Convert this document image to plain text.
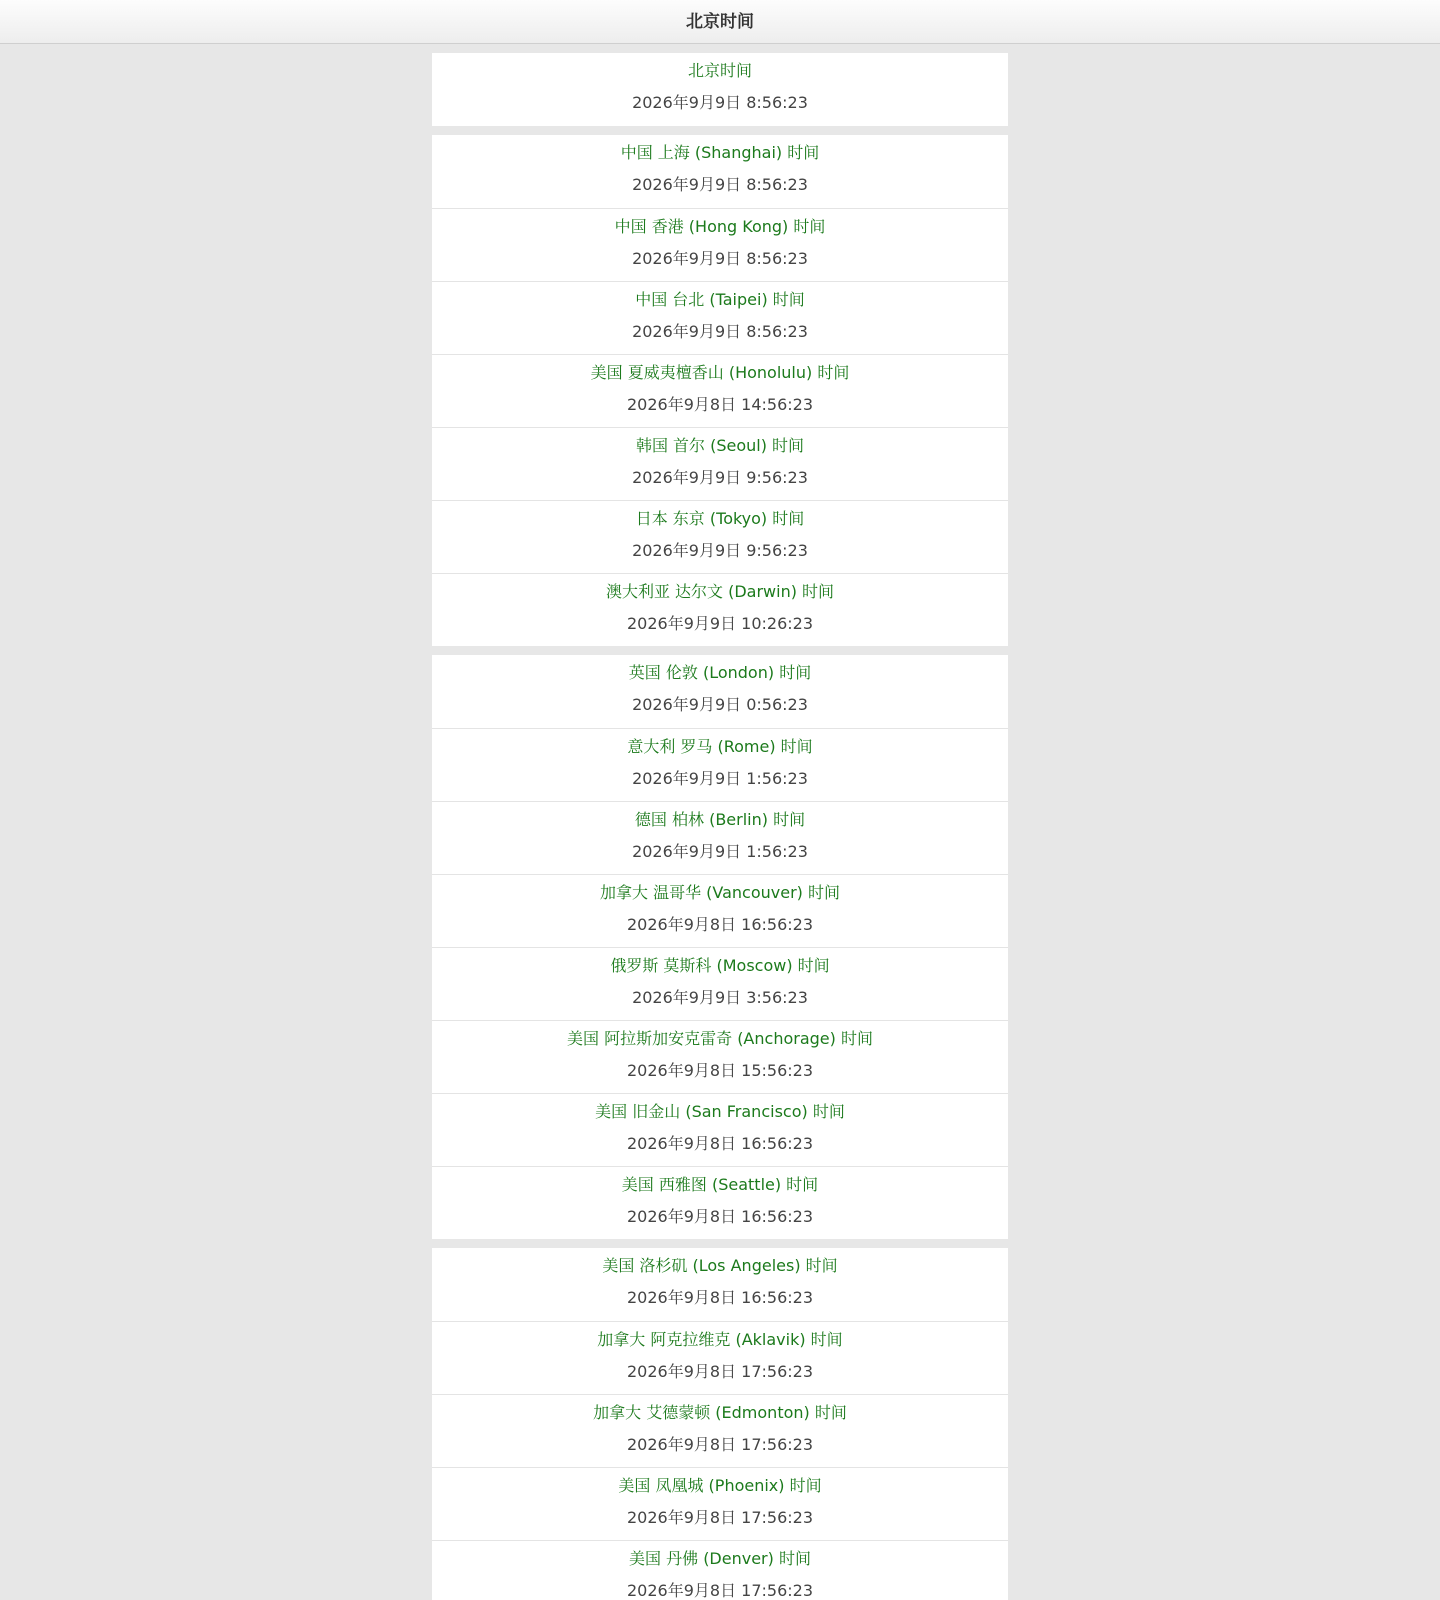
北京时间
北京时间
2026年9月9日 8:56:23
中国 上海 (Shanghai) 时间
2026年9月9日 8:56:23
中国 香港 (Hong Kong) 时间
2026年9月9日 8:56:23
中国 台北 (Taipei) 时间
2026年9月9日 8:56:23
美国 夏威夷檀香山 (Honolulu) 时间
2026年9月8日 14:56:23
韩国 首尔 (Seoul) 时间
2026年9月9日 9:56:23
日本 东京 (Tokyo) 时间
2026年9月9日 9:56:23
澳大利亚 达尔文 (Darwin) 时间
2026年9月9日 10:26:23
英国 伦敦 (London) 时间
2026年9月9日 0:56:23
意大利 罗马 (Rome) 时间
2026年9月9日 1:56:23
德国 柏林 (Berlin) 时间
2026年9月9日 1:56:23
加拿大 温哥华 (Vancouver) 时间
2026年9月8日 16:56:23
俄罗斯 莫斯科 (Moscow) 时间
2026年9月9日 3:56:23
美国 阿拉斯加安克雷奇 (Anchorage) 时间
2026年9月8日 15:56:23
美国 旧金山 (San Francisco) 时间
2026年9月8日 16:56:23
美国 西雅图 (Seattle) 时间
2026年9月8日 16:56:23
美国 洛杉矶 (Los Angeles) 时间
2026年9月8日 16:56:23
加拿大 阿克拉维克 (Aklavik) 时间
2026年9月8日 17:56:23
加拿大 艾德蒙顿 (Edmonton) 时间
2026年9月8日 17:56:23
美国 凤凰城 (Phoenix) 时间
2026年9月8日 17:56:23
美国 丹佛 (Denver) 时间
2026年9月8日 17:56:23
